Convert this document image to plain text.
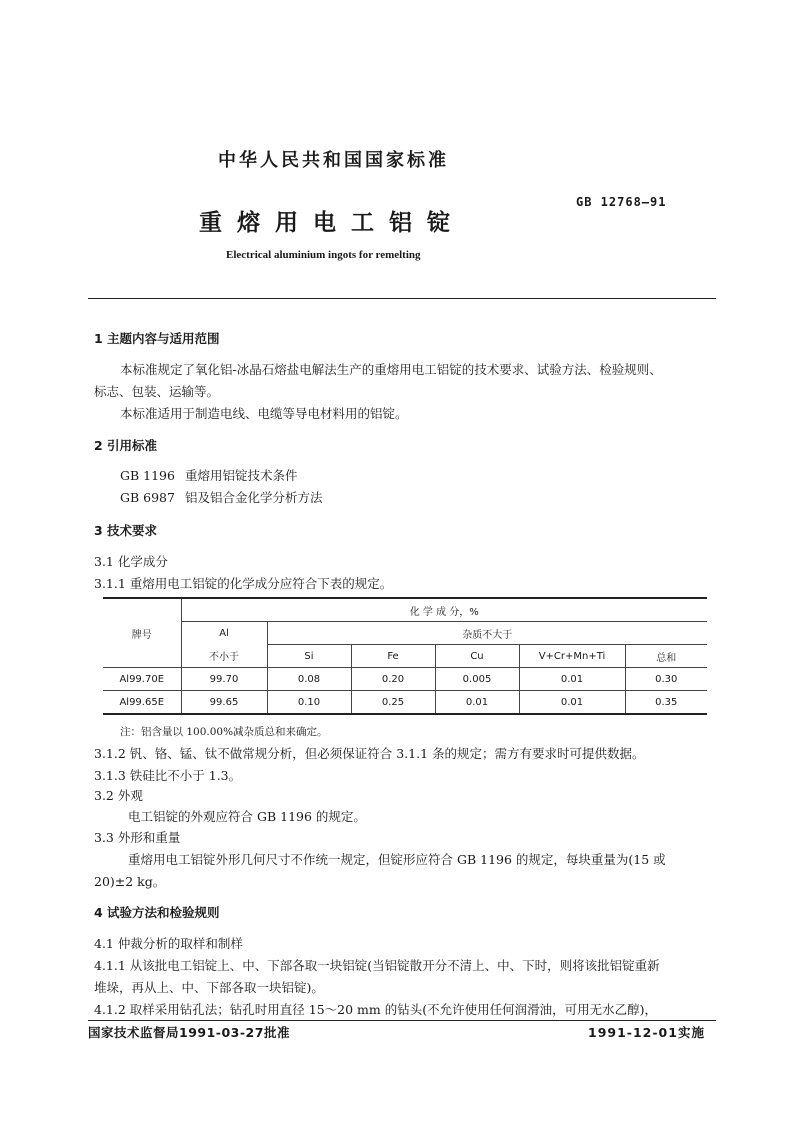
中华人民共和国国家标准
GB 12768—91
重熔用电工铝锭
Electrical aluminium ingots for remelting
1 主题内容与适用范围
本标准规定了氧化铝-冰晶石熔盐电解法生产的重熔用电工铝锭的技术要求、试验方法、检验规则、
标志、包装、运输等。
本标准适用于制造电线、电缆等导电材料用的铝锭。
2 引用标准
GB 1196 重熔用铝锭技术条件
GB 6987 铝及铝合金化学分析方法
3 技术要求
3.1 化学成分
3.1.1 重熔用电工铝锭的化学成分应符合下表的规定。
牌号	化 学 成 分，%					
	Al	杂质不大于				
	不小于	Si	Fe	Cu	V+Cr+Mn+Ti	总和
Al99.70E	99.70	0.08	0.20	0.005	0.01	0.30
Al99.65E	99.65	0.10	0.25	0.01	0.01	0.35
注：铝含量以 100.00%减杂质总和来确定。
3.1.2 钒、铬、锰、钛不做常规分析，但必须保证符合 3.1.1 条的规定；需方有要求时可提供数据。
3.1.3 铁硅比不小于 1.3。
3.2 外观
电工铝锭的外观应符合 GB 1196 的规定。
3.3 外形和重量
重熔用电工铝锭外形几何尺寸不作统一规定，但锭形应符合 GB 1196 的规定，每块重量为(15 或
20)±2 kg。
4 试验方法和检验规则
4.1 仲裁分析的取样和制样
4.1.1 从该批电工铝锭上、中、下部各取一块铝锭(当铝锭散开分不清上、中、下时，则将该批铝锭重新
堆垛，再从上、中、下部各取一块铝锭)。
4.1.2 取样采用钻孔法；钻孔时用直径 15～20 mm 的钻头(不允许使用任何润滑油，可用无水乙醇)，
国家技术监督局1991-03-27批准	1991-12-01实施
